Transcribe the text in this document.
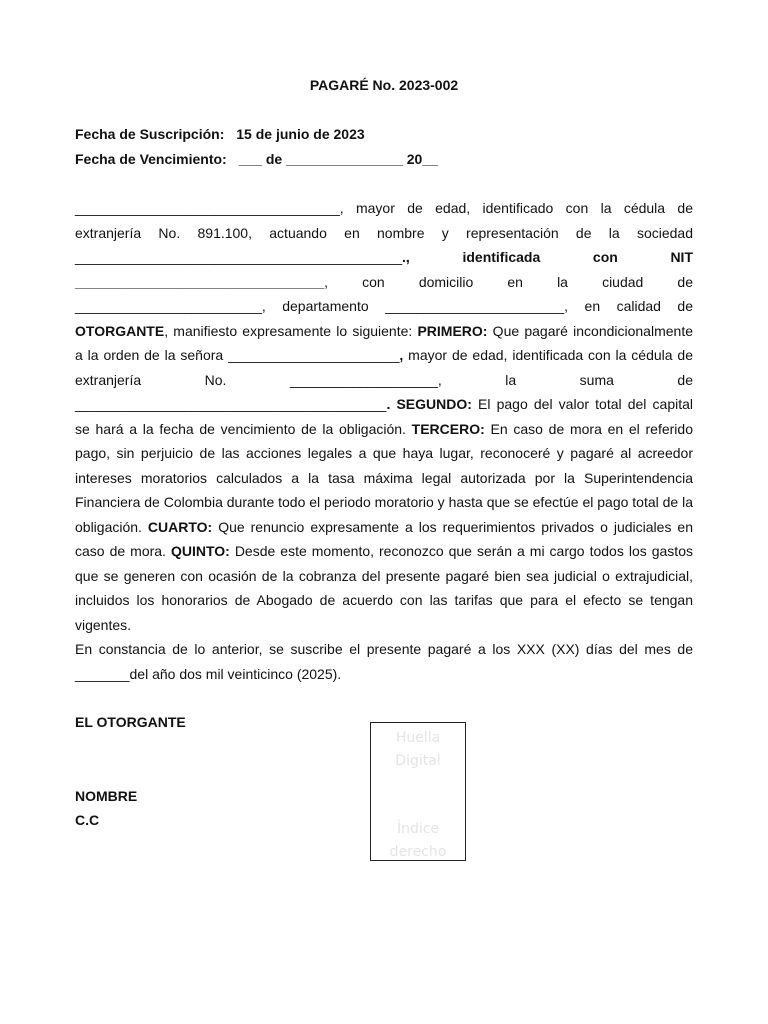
PAGARÉ No. 2023-002
Fecha de Suscripción: 15 de junio de 2023
Fecha de Vencimiento: ___ de _______________ 20__

__________________________________, mayor de edad, identificado con la cédula de extranjería No. 891.100, actuando en nombre y representación de la sociedad __________________________________________., identificada con NIT ________________________________, con domicilio en la ciudad de ________________________, departamento _______________________, en calidad de OTORGANTE, manifiesto expresamente lo siguiente: PRIMERO: Que pagaré incondicionalmente a la orden de la señora ______________________, mayor de edad, identificada con la cédula de extranjería No. ___________________, la suma de ________________________________________. SEGUNDO: El pago del valor total del capital se hará a la fecha de vencimiento de la obligación. TERCERO: En caso de mora en el referido pago, sin perjuicio de las acciones legales a que haya lugar, reconoceré y pagaré al acreedor intereses moratorios calculados a la tasa máxima legal autorizada por la Superintendencia Financiera de Colombia durante todo el periodo moratorio y hasta que se efectúe el pago total de la obligación. CUARTO: Que renuncio expresamente a los requerimientos privados o judiciales en caso de mora. QUINTO: Desde este momento, reconozco que serán a mi cargo todos los gastos que se generen con ocasión de la cobranza del presente pagaré bien sea judicial o extrajudicial, incluidos los honorarios de Abogado de acuerdo con las tarifas que para el efecto se tengan vigentes.

En constancia de lo anterior, se suscribe el presente pagaré a los XXX (XX) días del mes de _______del año dos mil veinticinco (2025).

EL OTORGANTE
NOMBRE
C.C
Huella Digital
Índice derecho
